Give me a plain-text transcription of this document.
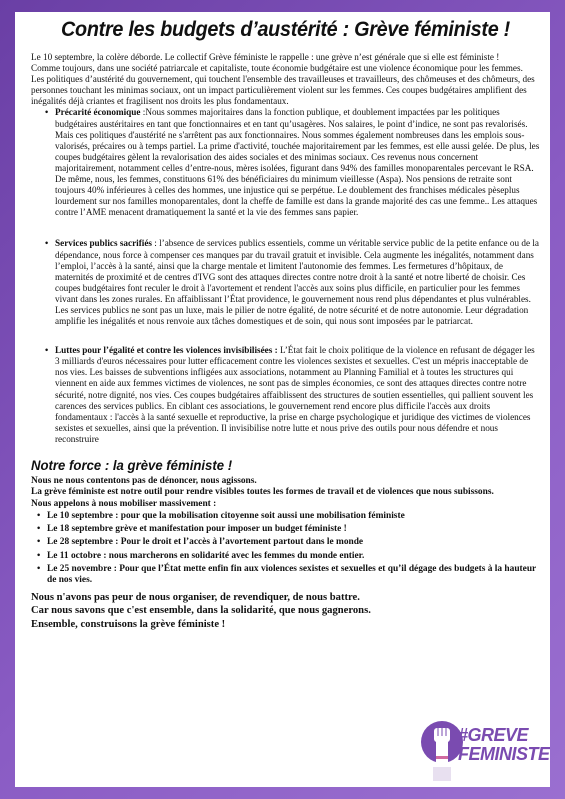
Contre les budgets d’austérité : Grève féministe !

Le 10 septembre, la colère déborde. Le collectif Grève féministe le rappelle : une grève n’est générale que si elle est féministe !

Comme toujours, dans une société patriarcale et capitaliste, toute économie budgétaire est une violence économique pour les femmes.

Les politiques d’austérité du gouvernement, qui touchent l'ensemble des travailleuses et travailleurs, des chômeuses et des chômeurs, des personnes touchant les minimas sociaux, ont un impact particulièrement violent sur les femmes. Ces coupes budgétaires amplifient des inégalités déjà criantes et fragilisent nos droits les plus fondamentaux.

• Précarité économique :Nous sommes majoritaires dans la fonction publique, et doublement impactées par les politiques budgétaires austéritaires en tant que fonctionnaires et en tant qu’usagères. Nos salaires, le point d’indice, ne sont pas revalorisés. Mais ces politiques d'austérité ne s'arrêtent pas aux fonctionnaires. Nous sommes également nombreuses dans les emplois sous-valorisés, précaires ou à temps partiel. La prime d'activité, touchée majoritairement par les femmes, est elle aussi gelée. De plus, les coupes budgétaires gèlent la revalorisation des aides sociales et des minimas sociaux. Ces revenus nous concernent majoritairement, notamment celles d’entre-nous, mères isolées, figurant dans 94% des familles monoparentales percevant le RSA. De même, nous, les femmes, constituons 61% des bénéficiaires du minimum vieillesse (Aspa). Nos pensions de retraite sont toujours 40% inférieures à celles des hommes, une injustice qui se perpétue. Le doublement des franchises médicales pèseplus lourdement sur nos familles monoparentales, dont la cheffe de famille est dans la grande majorité des cas une femme.. Les attaques contre l’AME menacent dramatiquement la santé et la vie des femmes sans papier.
• Services publics sacrifiés : l’absence de services publics essentiels, comme un véritable service public de la petite enfance ou de la dépendance, nous force à compenser ces manques par du travail gratuit et invisible. Cela augmente les inégalités, notamment dans l’emploi, l’accès à la santé, ainsi que la charge mentale et limitent l'autonomie des femmes. Les fermetures d’hôpitaux, de maternités de proximité et de centres d'IVG sont des attaques directes contre notre droit à la santé et notre liberté de choisir. Ces coupes budgétaires font reculer le droit à l'avortement et rendent l'accès aux soins plus difficile, en particulier pour les femmes vivant dans les zones rurales. En affaiblissant l’État providence, le gouvernement nous rend plus dépendantes et plus vulnérables. Les services publics ne sont pas un luxe, mais le pilier de notre égalité, de notre sécurité et de notre autonomie. Leur dégradation amplifie les inégalités et nous renvoie aux tâches domestiques et de soin, qui nous sont imposées par le patriarcat.
• Luttes pour l’égalité et contre les violences invisibilisées : L’État fait le choix politique de la violence en refusant de dégager les 3 milliards d'euros nécessaires pour lutter efficacement contre les violences sexistes et sexuelles. C'est un mépris inacceptable de nos vies. Les baisses de subventions infligées aux associations, notamment au Planning Familial et à toutes les structures qui viennent en aide aux femmes victimes de violences, ne sont pas de simples économies, ce sont des attaques directes contre notre sécurité, notre dignité, nos vies. Ces coupes budgétaires affaiblissent des structures de soutien essentielles, qui pallient souvent les carences des services publics. En ciblant ces associations, le gouvernement rend encore plus difficile l'accès aux droits fondamentaux : l'accès à la santé sexuelle et reproductive, la prise en charge psychologique et juridique des victimes de violences sexistes et sexuelles, ainsi que la prévention. Il invisibilise notre lutte et nous prive des outils pour nous défendre et nous reconstruire
Notre force : la grève féministe !

Nous ne nous contentons pas de dénoncer, nous agissons.

La grève féministe est notre outil pour rendre visibles toutes les formes de travail et de violences que nous subissons.

Nous appelons à nous mobiliser massivement :

• Le 10 septembre : pour que la mobilisation citoyenne soit aussi une mobilisation féministe
• Le 18 septembre grève et manifestation pour imposer un budget féministe !
• Le 28 septembre : Pour le droit et l’accès à l’avortement partout dans le monde
• Le 11 octobre : nous marcherons en solidarité avec les femmes du monde entier.
• Le 25 novembre : Pour que l’État mette enfin fin aux violences sexistes et sexuelles et qu’il dégage des budgets à la hauteur de nos vies.

Nous n'avons pas peur de nous organiser, de revendiquer, de nous battre.

Car nous savons que c'est ensemble, dans la solidarité, que nous gagnerons.

Ensemble, construisons la grève féministe !

#GREVE
FEMINISTE
